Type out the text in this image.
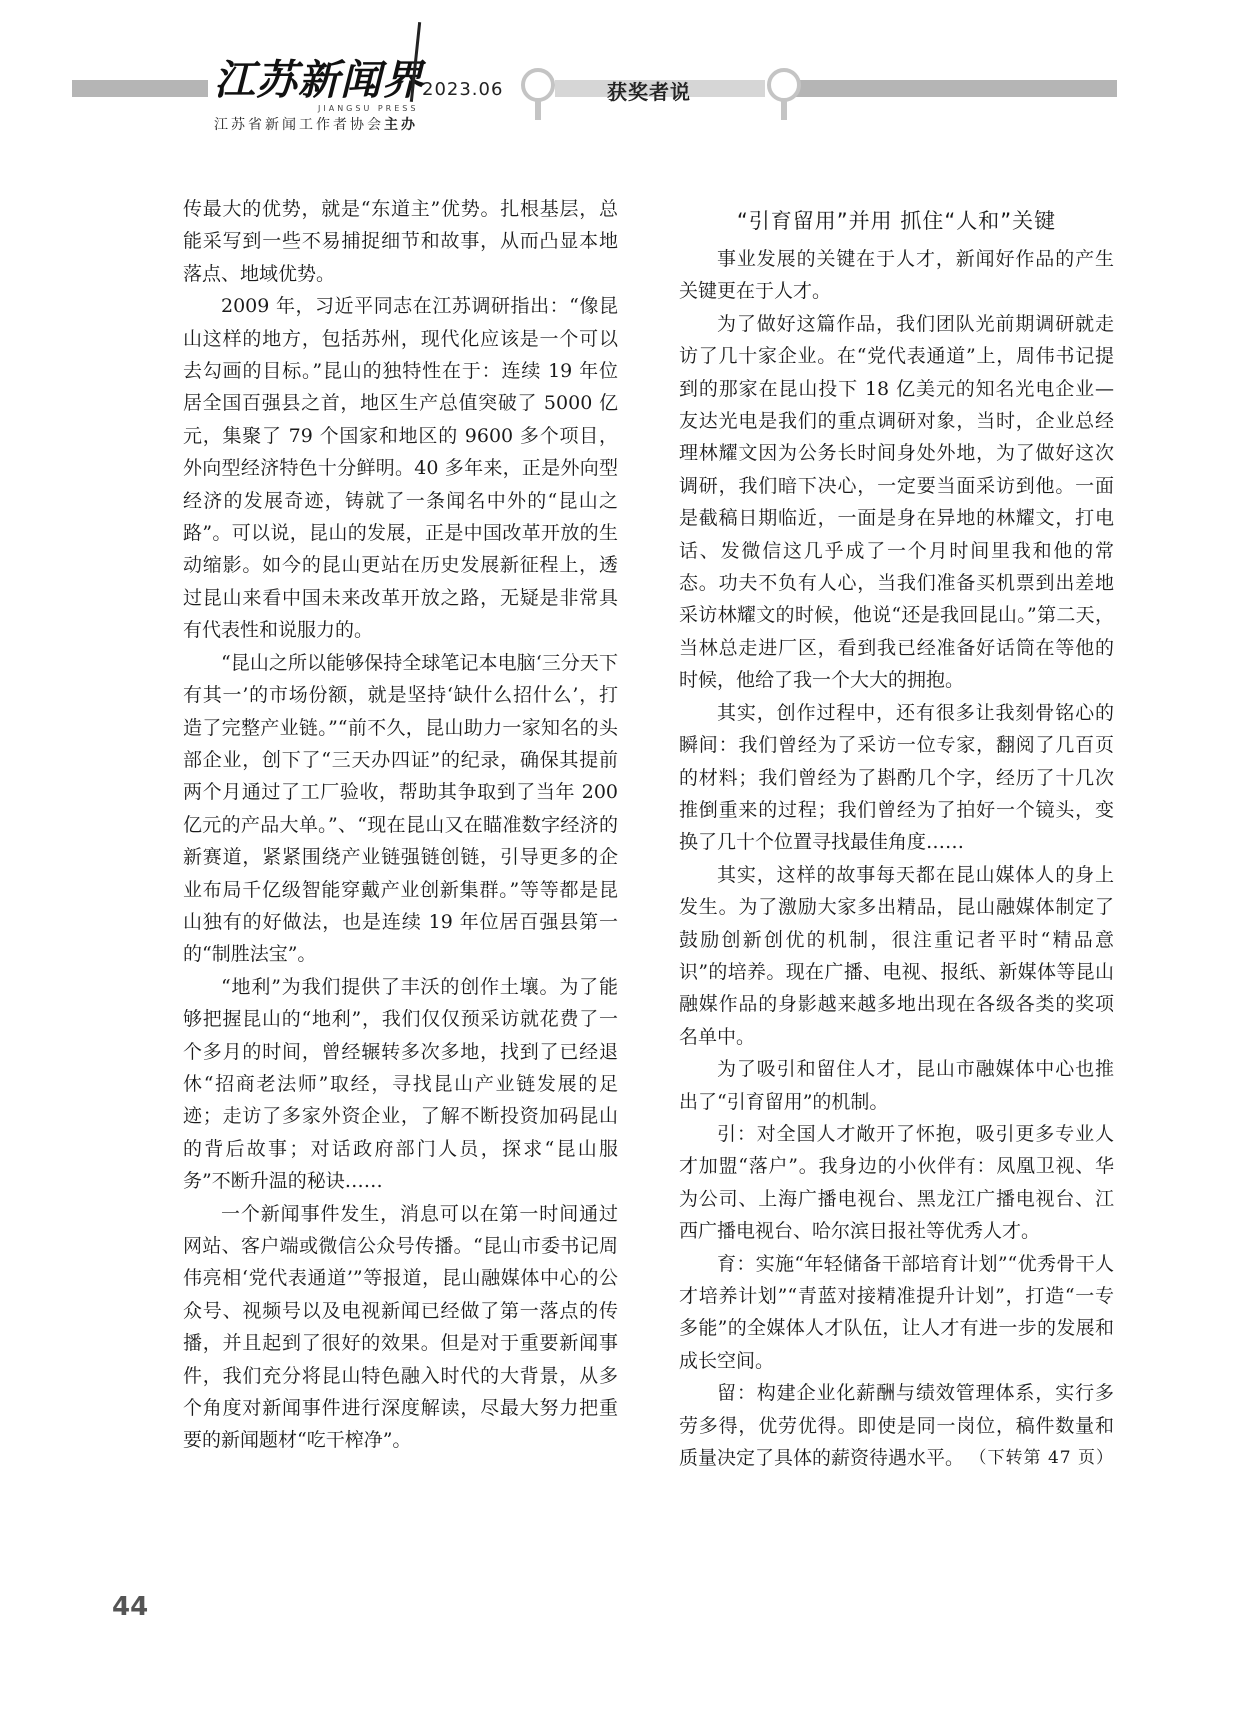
江苏新闻界
JIANGSU PRESS
2023.06
江苏省新闻工作者协会主办
获奖者说

传最大的优势，就是“东道主”优势。扎根基层，总能采写到一些不易捕捉细节和故事，从而凸显本地落点、地域优势。

2009 年，习近平同志在江苏调研指出：“像昆山这样的地方，包括苏州，现代化应该是一个可以去勾画的目标。”昆山的独特性在于：连续 19 年位居全国百强县之首，地区生产总值突破了 5000 亿元，集聚了 79 个国家和地区的 9600 多个项目，外向型经济特色十分鲜明。40 多年来，正是外向型经济的发展奇迹，铸就了一条闻名中外的“昆山之路”。可以说，昆山的发展，正是中国改革开放的生动缩影。如今的昆山更站在历史发展新征程上，透过昆山来看中国未来改革开放之路，无疑是非常具有代表性和说服力的。

“昆山之所以能够保持全球笔记本电脑‘三分天下有其一’的市场份额，就是坚持‘缺什么招什么’，打造了完整产业链。”“前不久，昆山助力一家知名的头部企业，创下了“三天办四证”的纪录，确保其提前两个月通过了工厂验收，帮助其争取到了当年 200 亿元的产品大单。”、“现在昆山又在瞄准数字经济的新赛道，紧紧围绕产业链强链创链，引导更多的企业布局千亿级智能穿戴产业创新集群。”等等都是昆山独有的好做法，也是连续 19 年位居百强县第一的“制胜法宝”。

“地利”为我们提供了丰沃的创作土壤。为了能够把握昆山的“地利”，我们仅仅预采访就花费了一个多月的时间，曾经辗转多次多地，找到了已经退休“招商老法师”取经，寻找昆山产业链发展的足迹；走访了多家外资企业，了解不断投资加码昆山的背后故事；对话政府部门人员，探求“昆山服务”不断升温的秘诀……

一个新闻事件发生，消息可以在第一时间通过网站、客户端或微信公众号传播。“昆山市委书记周伟亮相‘党代表通道’”等报道，昆山融媒体中心的公众号、视频号以及电视新闻已经做了第一落点的传播，并且起到了很好的效果。但是对于重要新闻事件，我们充分将昆山特色融入时代的大背景，从多个角度对新闻事件进行深度解读，尽最大努力把重要的新闻题材“吃干榨净”。

“引育留用”并用 抓住“人和”关键

事业发展的关键在于人才，新闻好作品的产生关键更在于人才。

为了做好这篇作品，我们团队光前期调研就走访了几十家企业。在“党代表通道”上，周伟书记提到的那家在昆山投下 18 亿美元的知名光电企业—友达光电是我们的重点调研对象，当时，企业总经理林耀文因为公务长时间身处外地，为了做好这次调研，我们暗下决心，一定要当面采访到他。一面是截稿日期临近，一面是身在异地的林耀文，打电话、发微信这几乎成了一个月时间里我和他的常态。功夫不负有人心，当我们准备买机票到出差地采访林耀文的时候，他说“还是我回昆山。”第二天，当林总走进厂区，看到我已经准备好话筒在等他的时候，他给了我一个大大的拥抱。

其实，创作过程中，还有很多让我刻骨铭心的瞬间：我们曾经为了采访一位专家，翻阅了几百页的材料；我们曾经为了斟酌几个字，经历了十几次推倒重来的过程；我们曾经为了拍好一个镜头，变换了几十个位置寻找最佳角度……

其实，这样的故事每天都在昆山媒体人的身上发生。为了激励大家多出精品，昆山融媒体制定了鼓励创新创优的机制，很注重记者平时“精品意识”的培养。现在广播、电视、报纸、新媒体等昆山融媒作品的身影越来越多地出现在各级各类的奖项名单中。

为了吸引和留住人才，昆山市融媒体中心也推出了“引育留用”的机制。

引：对全国人才敞开了怀抱，吸引更多专业人才加盟“落户”。我身边的小伙伴有：凤凰卫视、华为公司、上海广播电视台、黑龙江广播电视台、江西广播电视台、哈尔滨日报社等优秀人才。

育：实施“年轻储备干部培育计划”“优秀骨干人才培养计划”“青蓝对接精准提升计划”，打造“一专多能”的全媒体人才队伍，让人才有进一步的发展和成长空间。

留：构建企业化薪酬与绩效管理体系，实行多劳多得，优劳优得。即使是同一岗位，稿件数量和质量决定了具体的薪资待遇水平。 （下转第 47 页）
44
